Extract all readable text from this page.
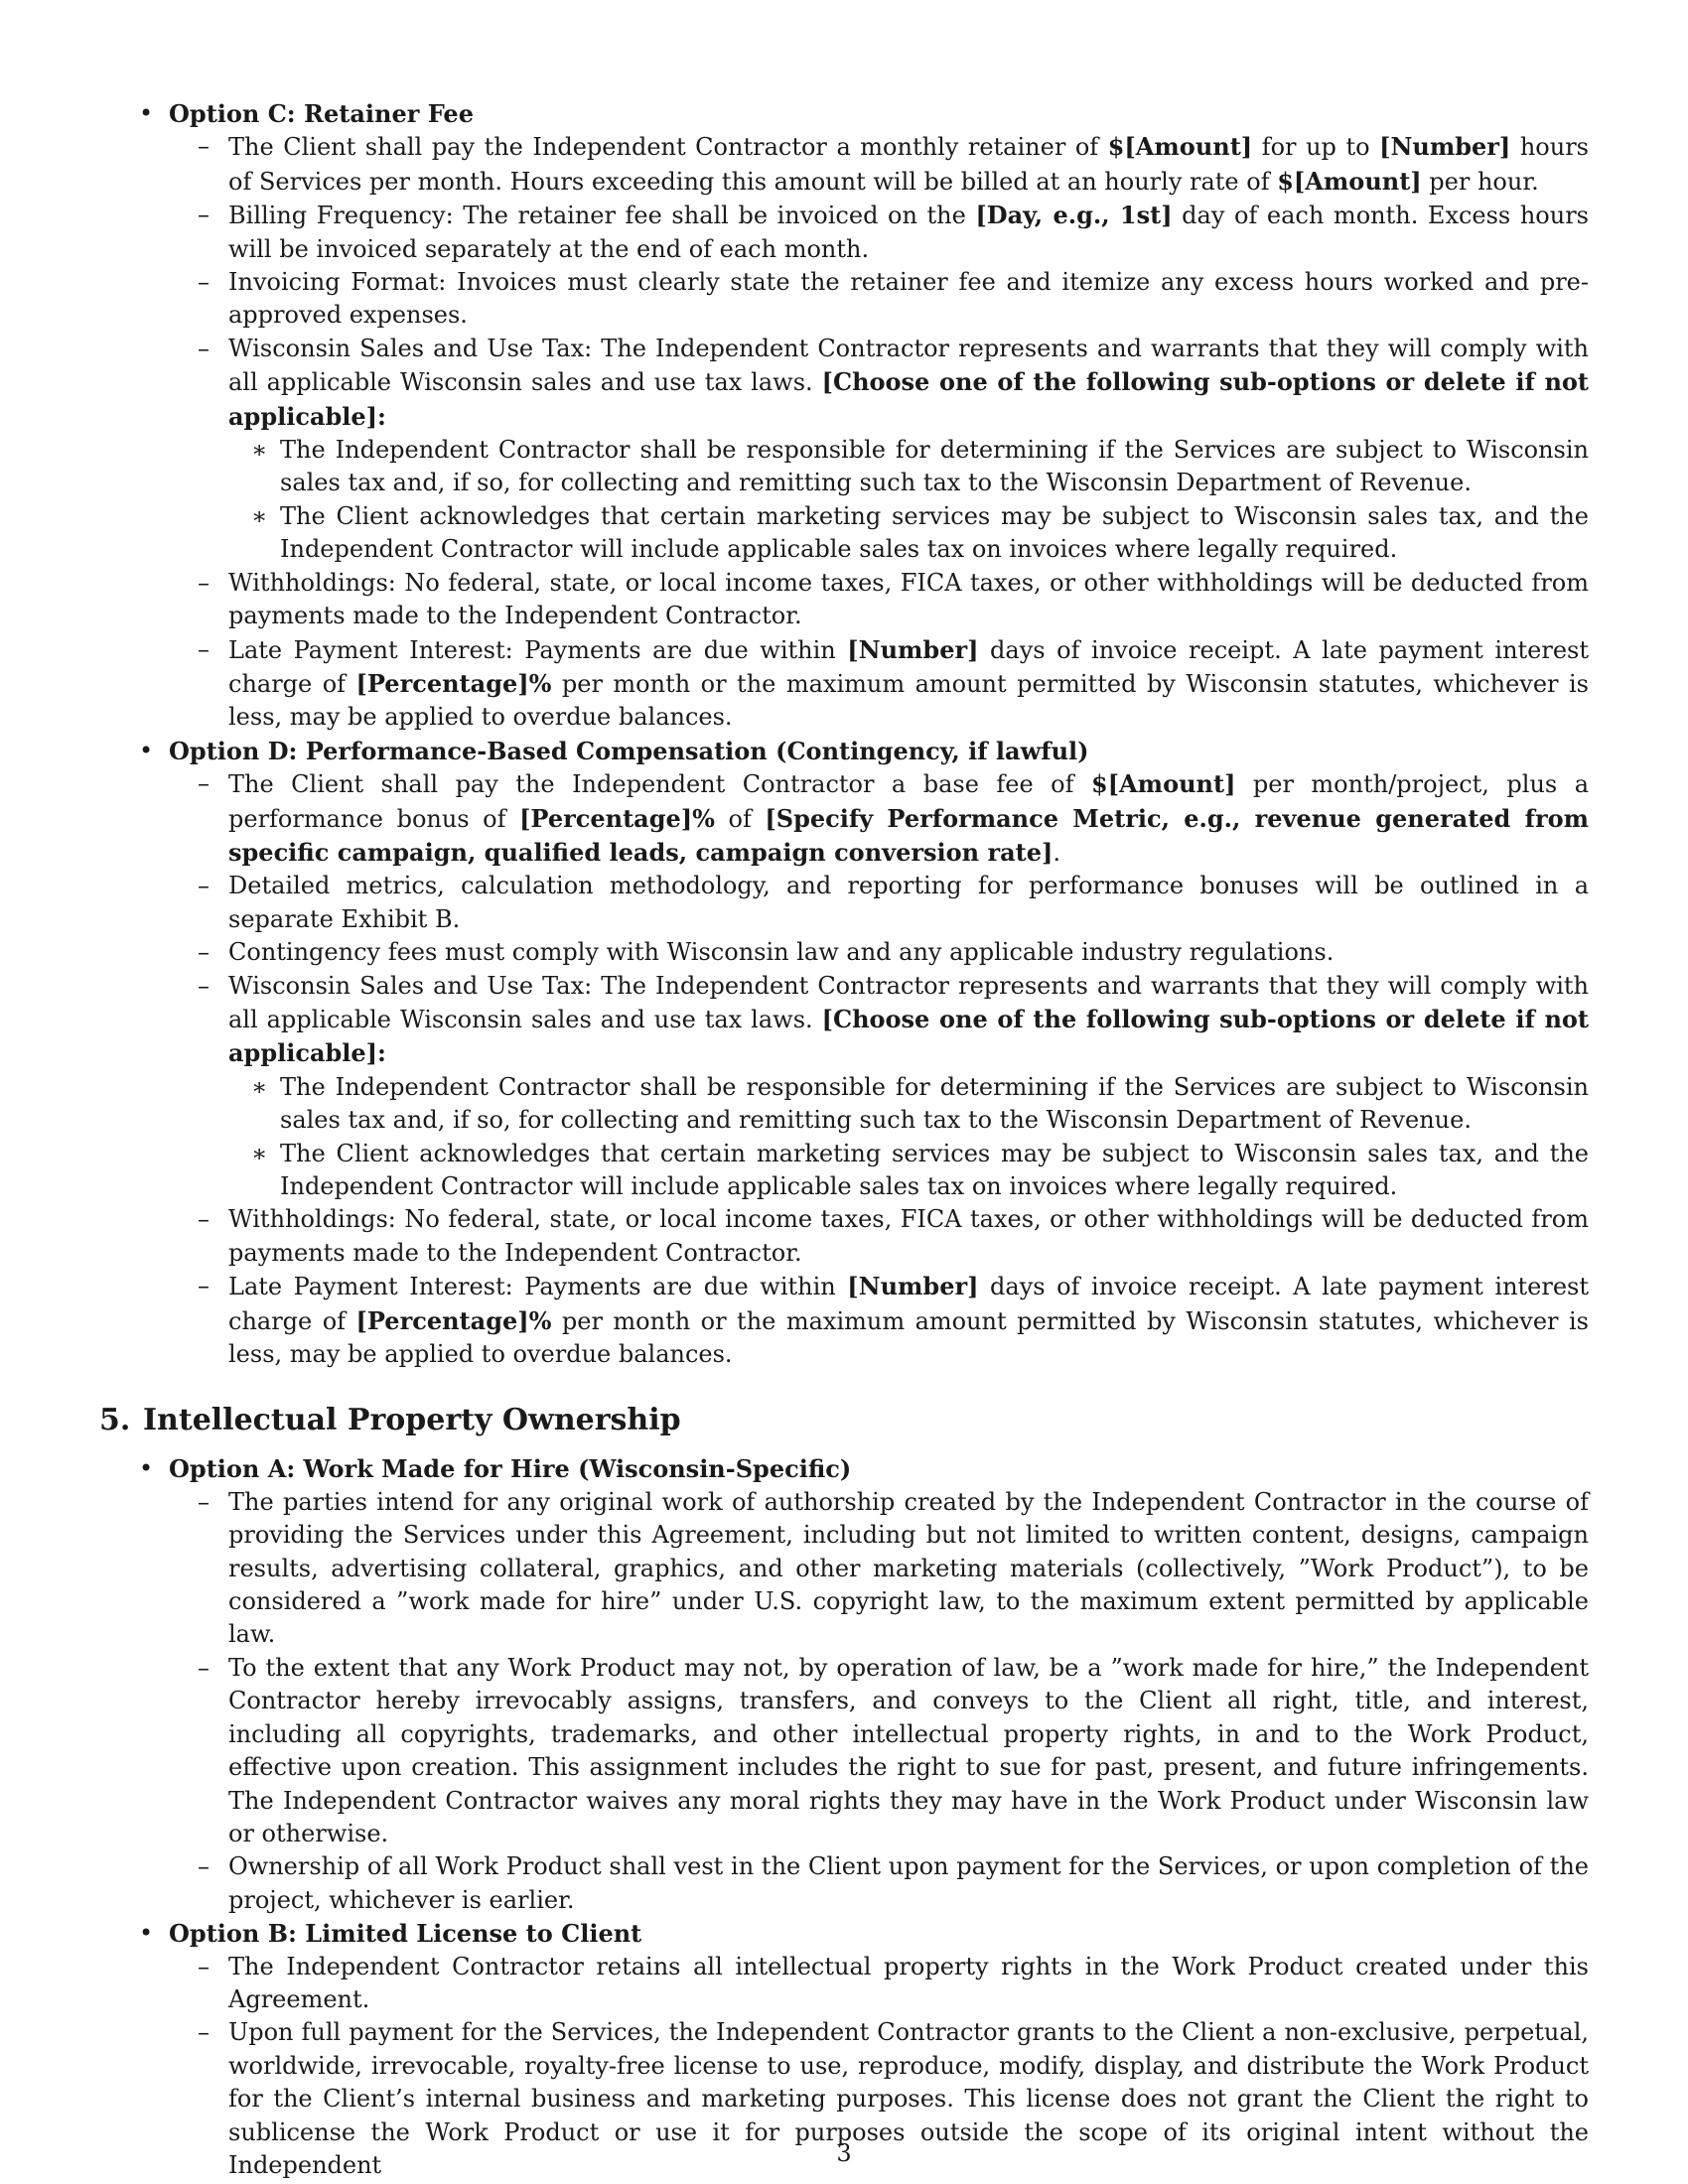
• Option C: Retainer Fee
– The Client shall pay the Independent Contractor a monthly retainer of $[Amount] for up to [Number] hours of Services per month. Hours exceeding this amount will be billed at an hourly rate of $[Amount] per hour.
– Billing Frequency: The retainer fee shall be invoiced on the [Day, e.g., 1st] day of each month. Excess hours will be invoiced separately at the end of each month.
– Invoicing Format: Invoices must clearly state the retainer fee and itemize any excess hours worked and pre-approved expenses.
– Wisconsin Sales and Use Tax: The Independent Contractor represents and warrants that they will comply with all applicable Wisconsin sales and use tax laws. [Choose one of the following sub-options or delete if not applicable]:
∗ The Independent Contractor shall be responsible for determining if the Services are subject to Wisconsin sales tax and, if so, for collecting and remitting such tax to the Wisconsin Department of Revenue.
∗ The Client acknowledges that certain marketing services may be subject to Wisconsin sales tax, and the Independent Contractor will include applicable sales tax on invoices where legally required.
– Withholdings: No federal, state, or local income taxes, FICA taxes, or other withholdings will be deducted from payments made to the Independent Contractor.
– Late Payment Interest: Payments are due within [Number] days of invoice receipt. A late payment interest charge of [Percentage]% per month or the maximum amount permitted by Wisconsin statutes, whichever is less, may be applied to overdue balances.
• Option D: Performance-Based Compensation (Contingency, if lawful)
– The Client shall pay the Independent Contractor a base fee of $[Amount] per month/project, plus a performance bonus of [Percentage]% of [Specify Performance Metric, e.g., revenue generated from specific campaign, qualified leads, campaign conversion rate].
– Detailed metrics, calculation methodology, and reporting for performance bonuses will be outlined in a separate Exhibit B.
– Contingency fees must comply with Wisconsin law and any applicable industry regulations.
– Wisconsin Sales and Use Tax: The Independent Contractor represents and warrants that they will comply with all applicable Wisconsin sales and use tax laws. [Choose one of the following sub-options or delete if not applicable]:
∗ The Independent Contractor shall be responsible for determining if the Services are subject to Wisconsin sales tax and, if so, for collecting and remitting such tax to the Wisconsin Department of Revenue.
∗ The Client acknowledges that certain marketing services may be subject to Wisconsin sales tax, and the Independent Contractor will include applicable sales tax on invoices where legally required.
– Withholdings: No federal, state, or local income taxes, FICA taxes, or other withholdings will be deducted from payments made to the Independent Contractor.
– Late Payment Interest: Payments are due within [Number] days of invoice receipt. A late payment interest charge of [Percentage]% per month or the maximum amount permitted by Wisconsin statutes, whichever is less, may be applied to overdue balances.
5. Intellectual Property Ownership
• Option A: Work Made for Hire (Wisconsin-Specific)
– The parties intend for any original work of authorship created by the Independent Contractor in the course of providing the Services under this Agreement, including but not limited to written content, designs, campaign results, advertising collateral, graphics, and other marketing materials (collectively, ”Work Product”), to be considered a ”work made for hire” under U.S. copyright law, to the maximum extent permitted by applicable law.
– To the extent that any Work Product may not, by operation of law, be a ”work made for hire,” the Independent Contractor hereby irrevocably assigns, transfers, and conveys to the Client all right, title, and interest, including all copyrights, trademarks, and other intellectual property rights, in and to the Work Product, effective upon creation. This assignment includes the right to sue for past, present, and future infringements. The Independent Contractor waives any moral rights they may have in the Work Product under Wisconsin law or otherwise.
– Ownership of all Work Product shall vest in the Client upon payment for the Services, or upon completion of the project, whichever is earlier.
• Option B: Limited License to Client
– The Independent Contractor retains all intellectual property rights in the Work Product created under this Agreement.
– Upon full payment for the Services, the Independent Contractor grants to the Client a non-exclusive, perpetual, worldwide, irrevocable, royalty-free license to use, reproduce, modify, display, and distribute the Work Product for the Client’s internal business and marketing purposes. This license does not grant the Client the right to sublicense the Work Product or use it for purposes outside the scope of its original intent without the Independent	3
